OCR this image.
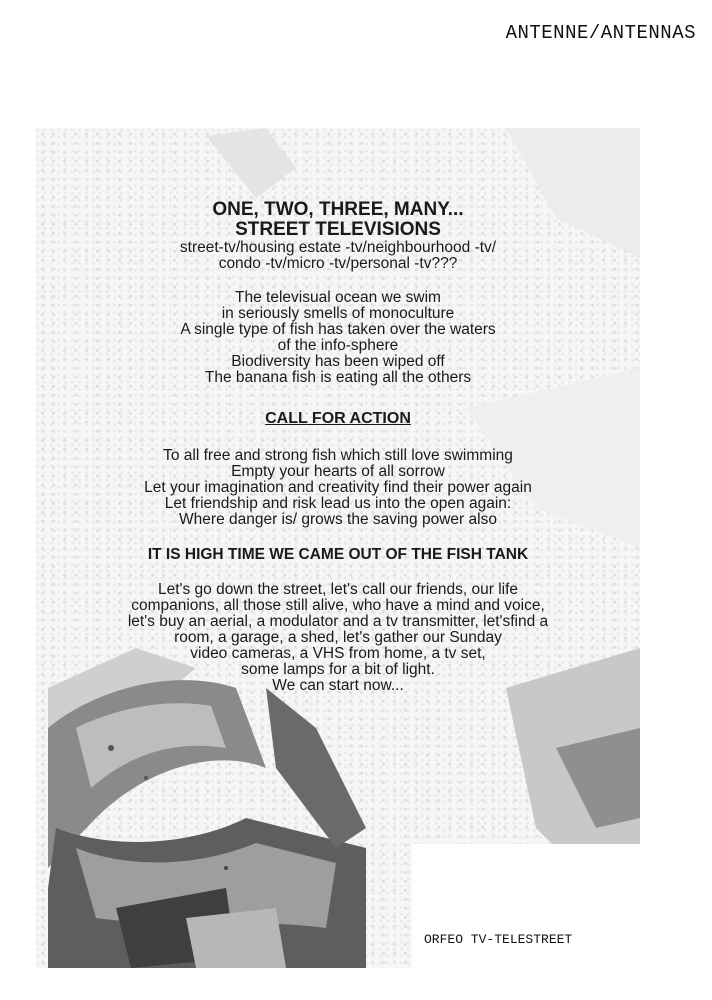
ANTENNE/ANTENNAS
ONE, TWO, THREE, MANY...
STREET TELEVISIONS
street-tv/housing estate -tv/neighbourhood -tv/
condo -tv/micro -tv/personal -tv???
The televisual ocean we swim
in seriously smells of monoculture
A single type of fish has taken over the waters
of the info-sphere
Biodiversity has been wiped off
The banana fish is eating all the others
CALL FOR ACTION
To all free and strong fish which still love swimming
Empty your hearts of all sorrow
Let your imagination and creativity find their power again
Let friendship and risk lead us into the open again:
Where danger is/ grows the saving power also
IT IS HIGH TIME WE CAME OUT OF THE FISH TANK
Let's go down the street, let's call our friends, our life
companions, all those still alive, who have a mind and voice,
let's buy an aerial, a modulator and a tv transmitter, let'sfind a
room, a garage, a shed, let's gather our Sunday
video cameras, a VHS from home, a tv set,
some lamps for a bit of light.
We can start now...
ORFEO TV-TELESTREET
